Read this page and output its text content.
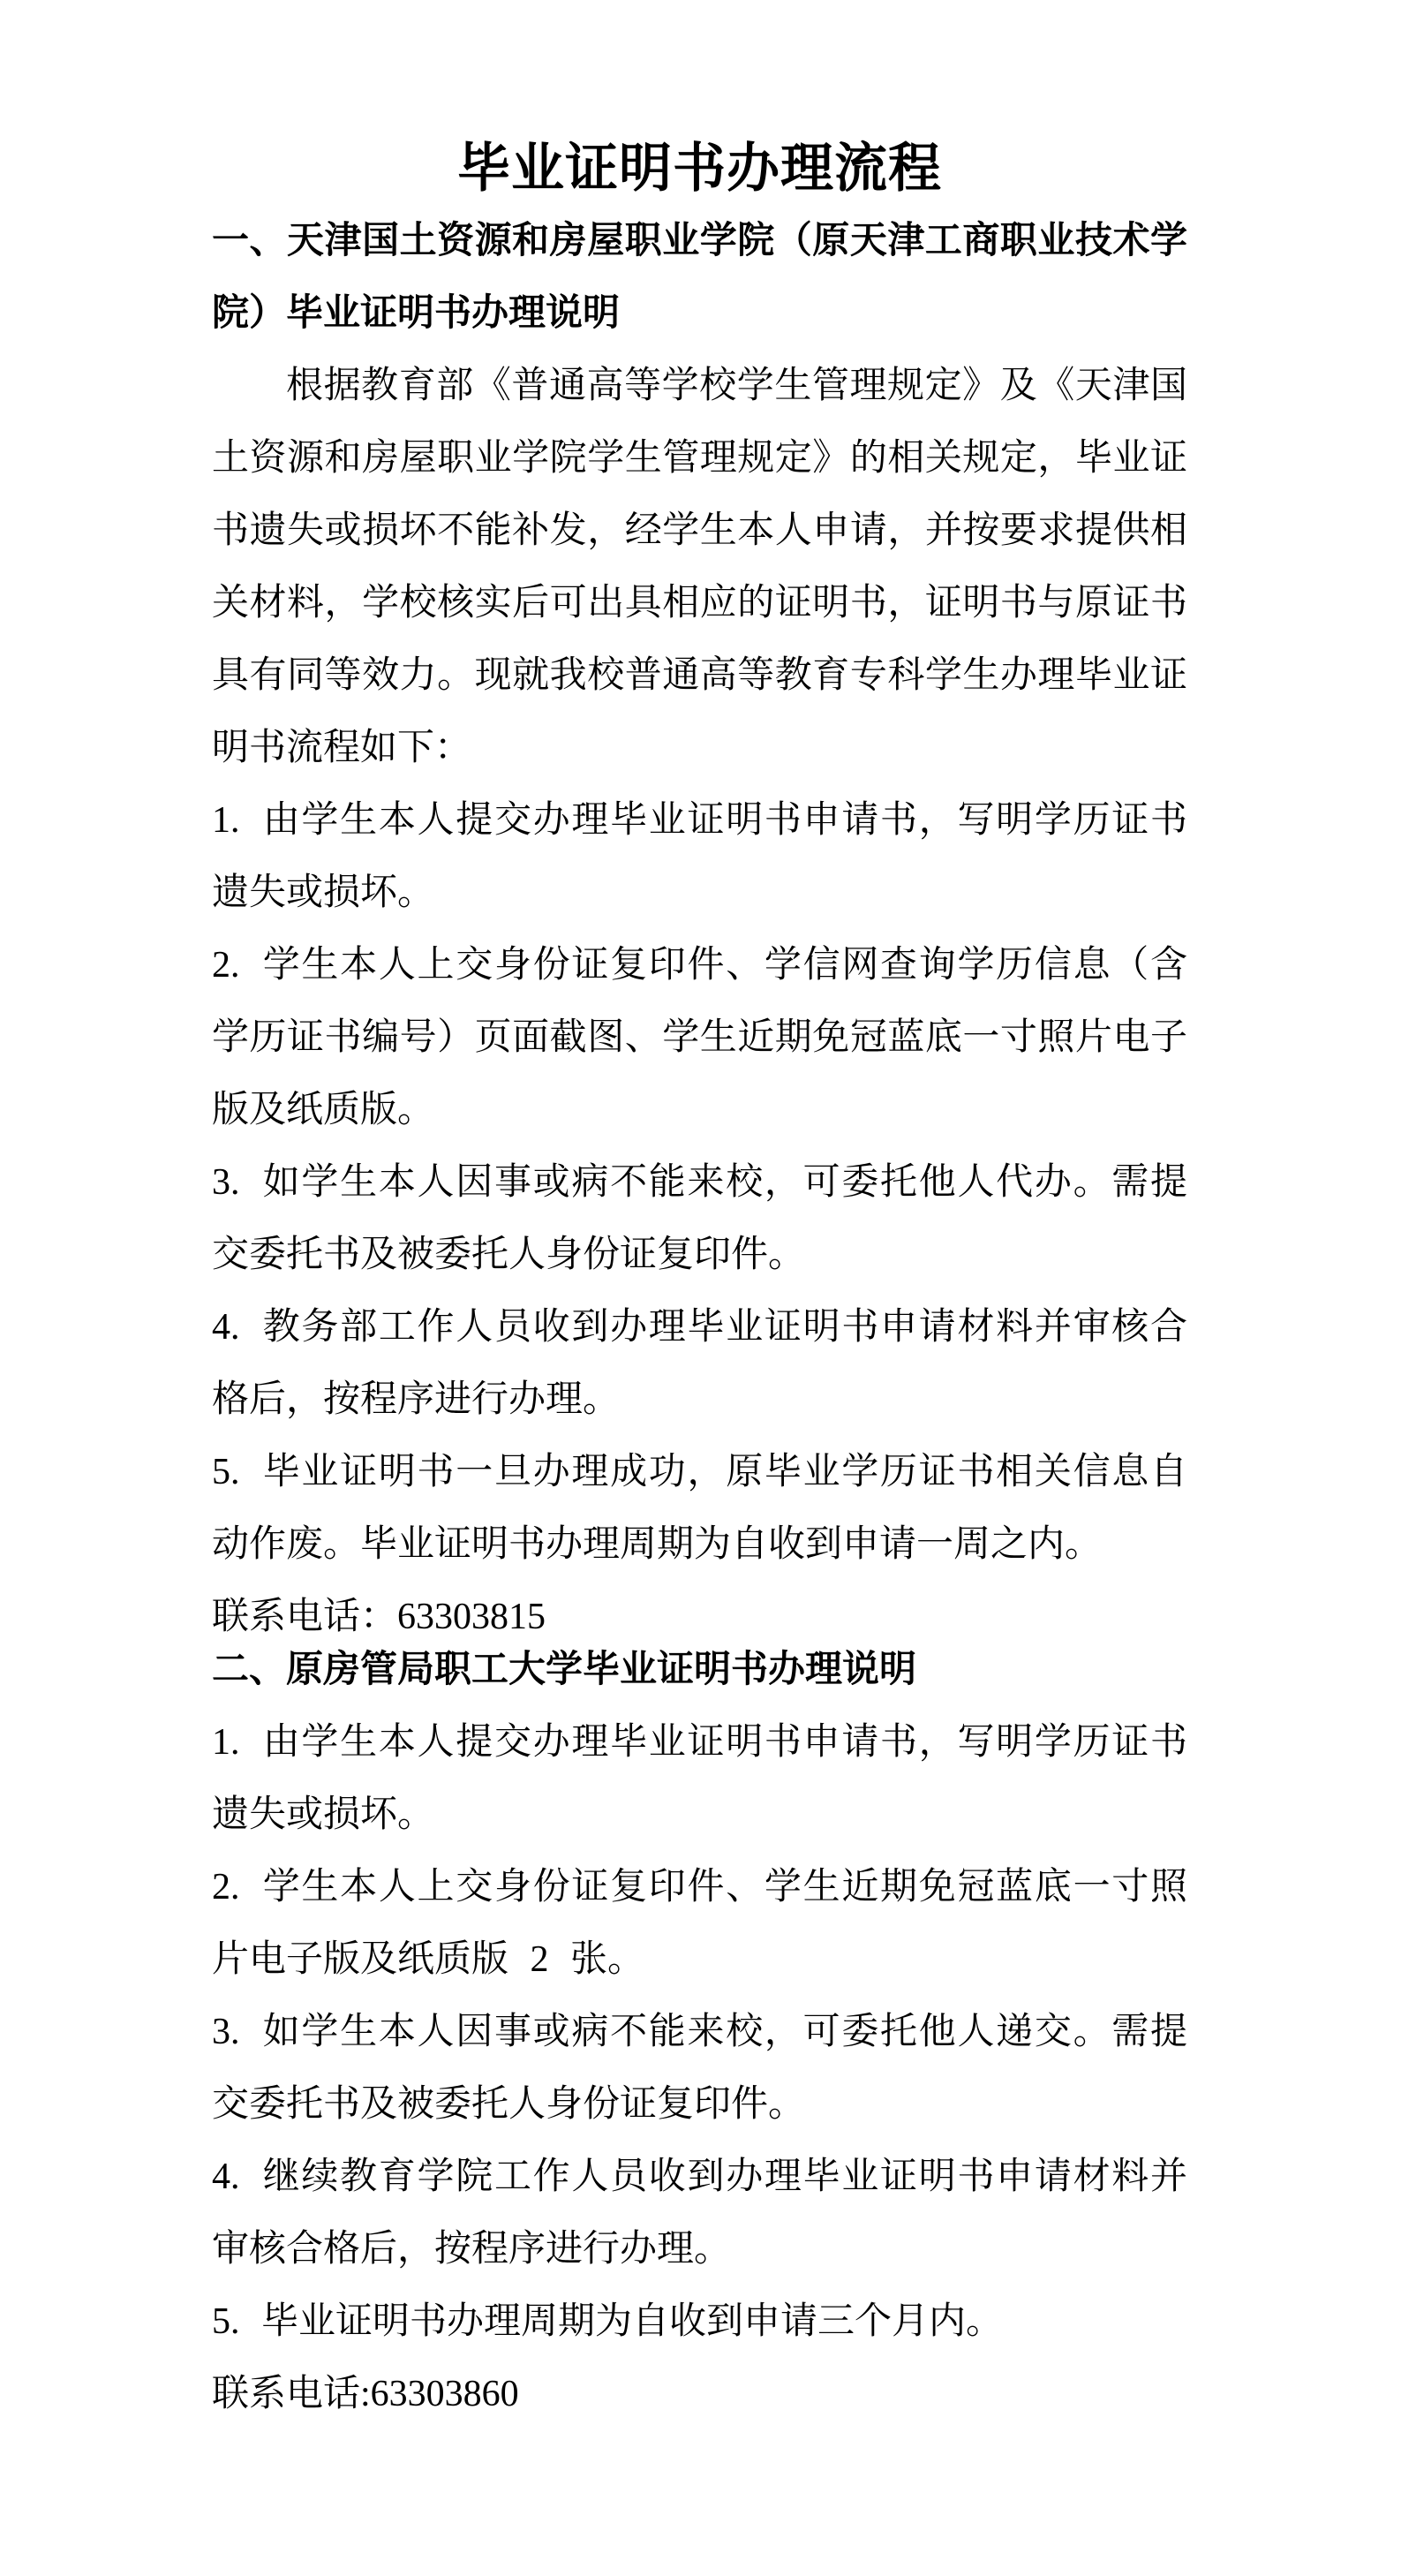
毕业证明书办理流程
一、天津国土资源和房屋职业学院（原天津工商职业技术学院）毕业证明书办理说明

根据教育部《普通高等学校学生管理规定》及《天津国土资源和房屋职业学院学生管理规定》的相关规定，毕业证书遗失或损坏不能补发，经学生本人申请，并按要求提供相关材料，学校核实后可出具相应的证明书，证明书与原证书具有同等效力。现就我校普通高等教育专科学生办理毕业证明书流程如下：

1. 由学生本人提交办理毕业证明书申请书，写明学历证书遗失或损坏。

2. 学生本人上交身份证复印件、学信网查询学历信息（含学历证书编号）页面截图、学生近期免冠蓝底一寸照片电子版及纸质版。

3. 如学生本人因事或病不能来校，可委托他人代办。需提交委托书及被委托人身份证复印件。

4. 教务部工作人员收到办理毕业证明书申请材料并审核合格后，按程序进行办理。

5. 毕业证明书一旦办理成功，原毕业学历证书相关信息自动作废。毕业证明书办理周期为自收到申请一周之内。

联系电话：63303815

二、原房管局职工大学毕业证明书办理说明

1. 由学生本人提交办理毕业证明书申请书，写明学历证书遗失或损坏。

2. 学生本人上交身份证复印件、学生近期免冠蓝底一寸照片电子版及纸质版 2 张。

3. 如学生本人因事或病不能来校，可委托他人递交。需提交委托书及被委托人身份证复印件。

4. 继续教育学院工作人员收到办理毕业证明书申请材料并审核合格后，按程序进行办理。

5. 毕业证明书办理周期为自收到申请三个月内。

联系电话:63303860
